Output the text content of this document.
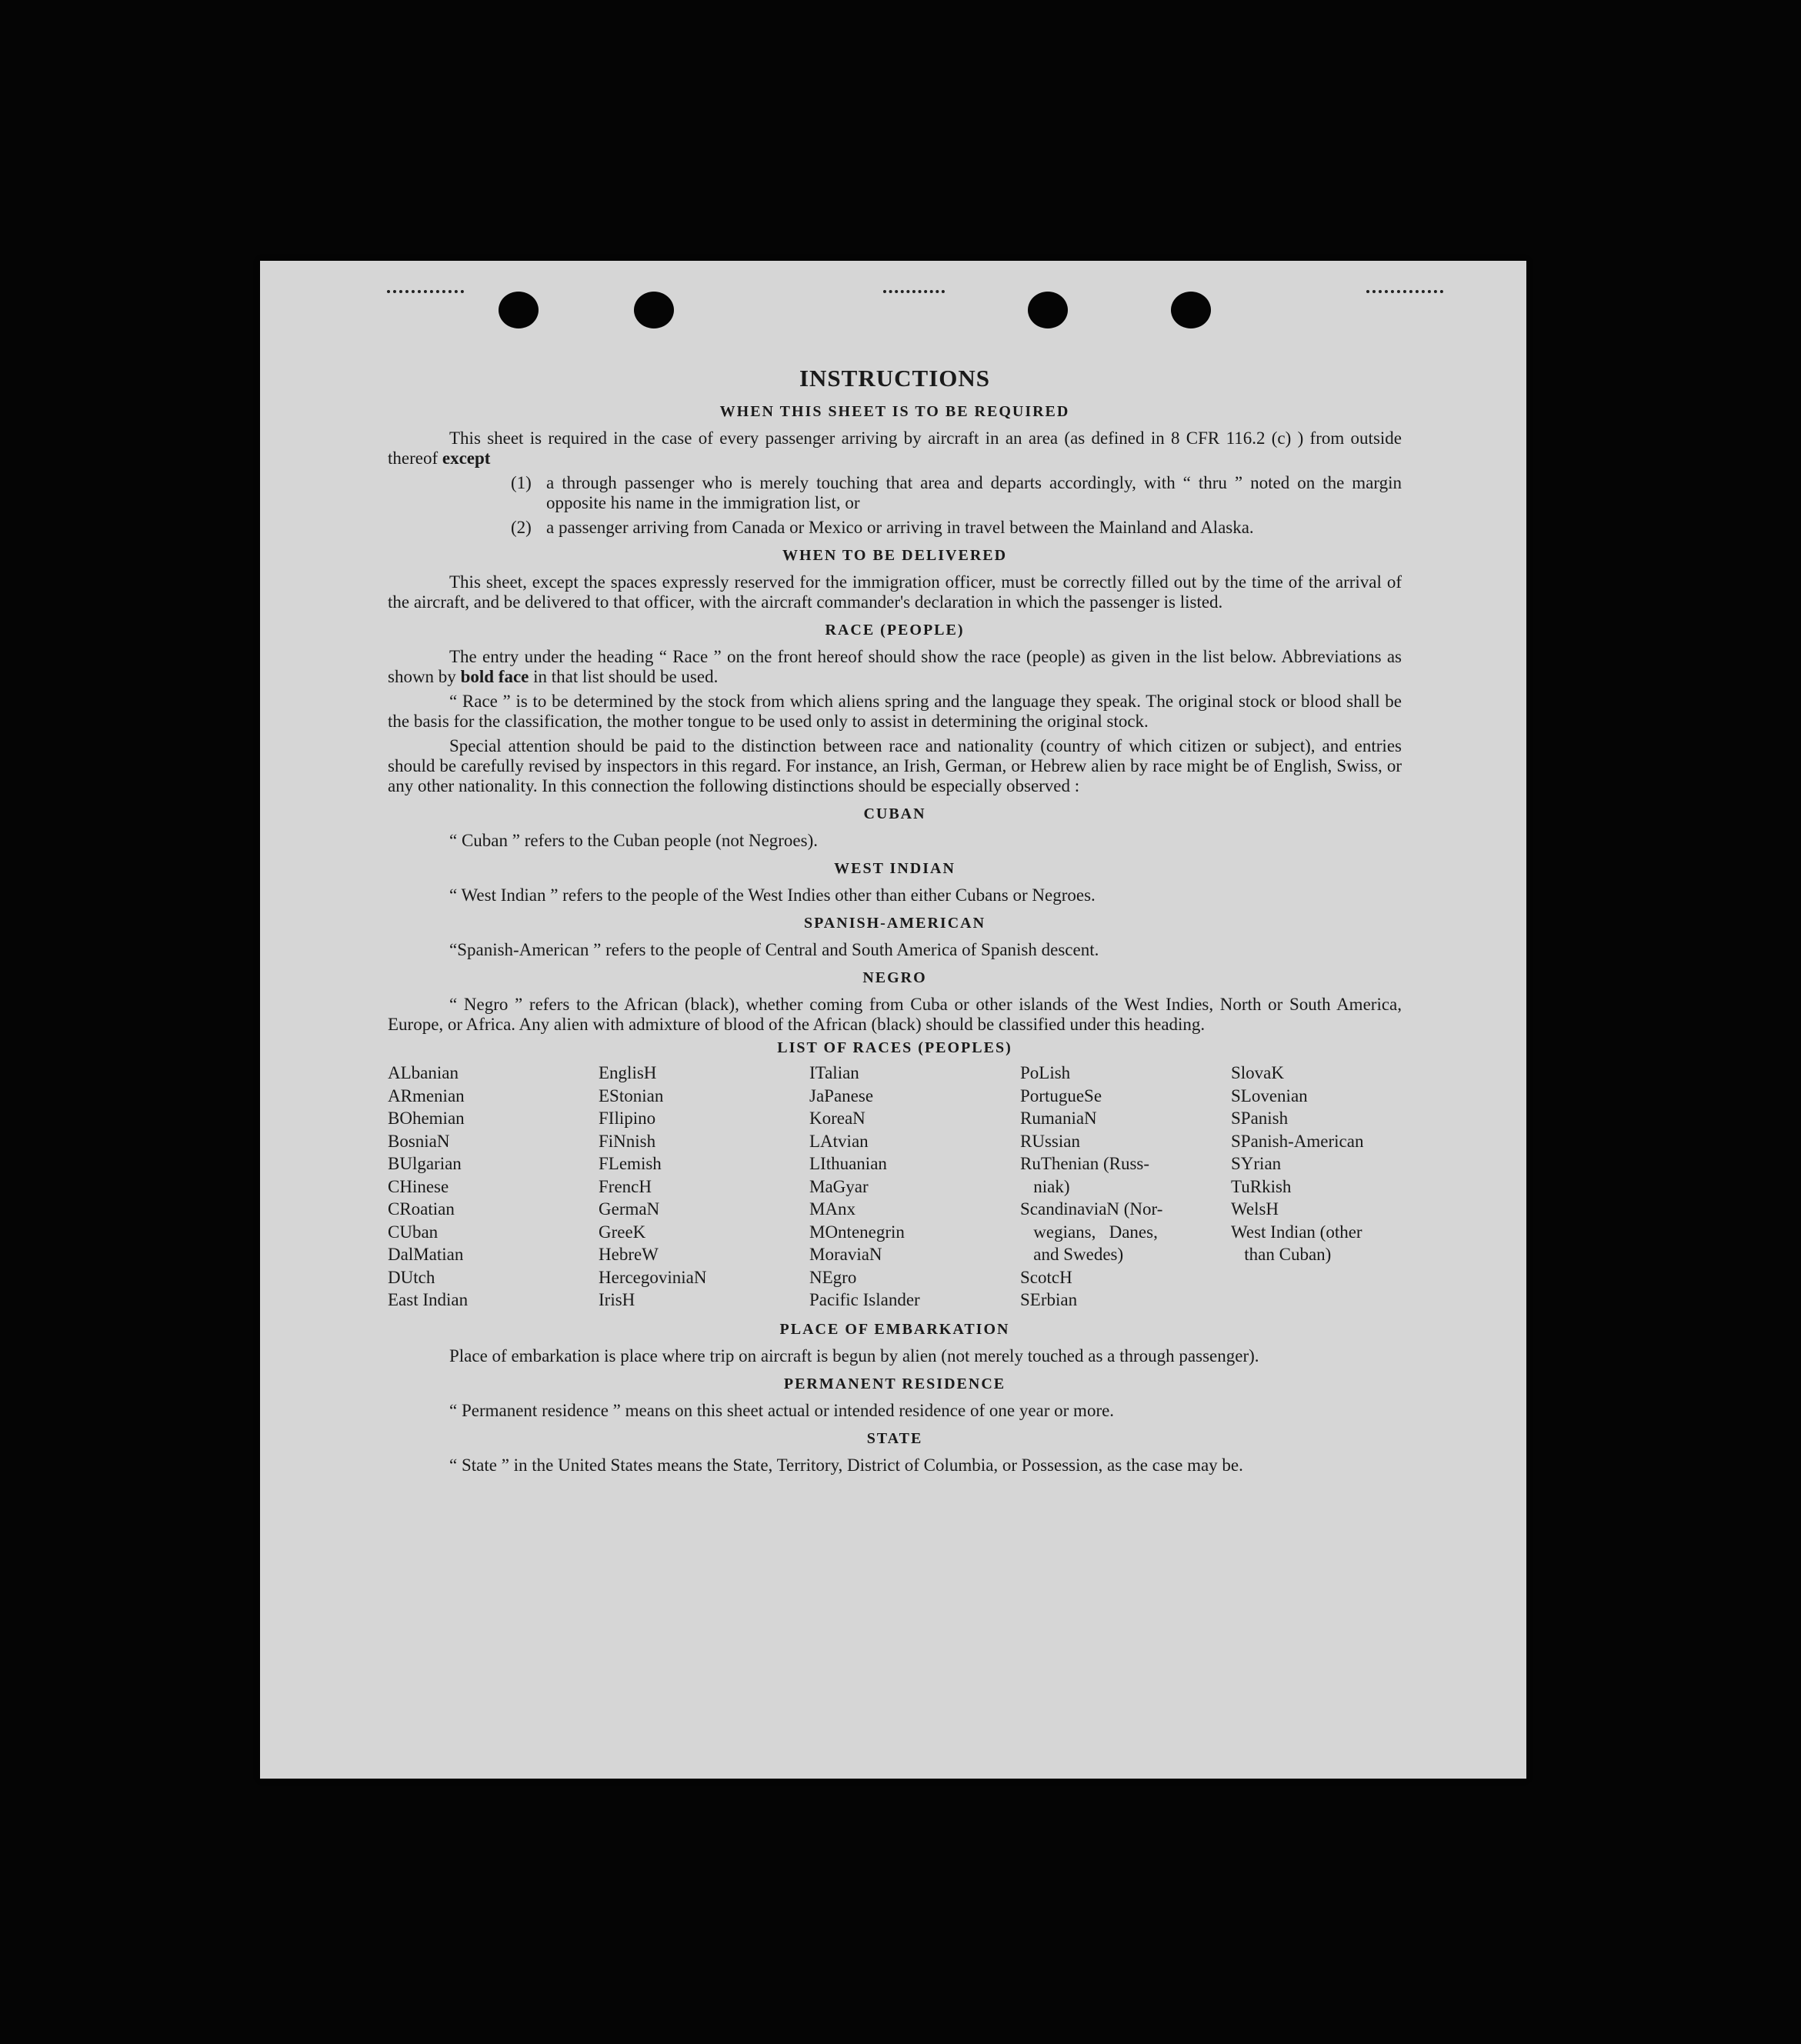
INSTRUCTIONS
WHEN THIS SHEET IS TO BE REQUIRED

This sheet is required in the case of every passenger arriving by aircraft in an area (as defined in 8 CFR 116.2 (c) ) from outside thereof except

(1) a through passenger who is merely touching that area and departs accordingly, with “ thru ” noted on the margin opposite his name in the immigration list, or
(2) a passenger arriving from Canada or Mexico or arriving in travel between the Mainland and Alaska.
WHEN TO BE DELIVERED

This sheet, except the spaces expressly reserved for the immigration officer, must be correctly filled out by the time of the arrival of the aircraft, and be delivered to that officer, with the aircraft commander's declaration in which the passenger is listed.

RACE (PEOPLE)

The entry under the heading “ Race ” on the front hereof should show the race (people) as given in the list below. Abbreviations as shown by bold face in that list should be used.

“ Race ” is to be determined by the stock from which aliens spring and the language they speak. The original stock or blood shall be the basis for the classification, the mother tongue to be used only to assist in determining the original stock.

Special attention should be paid to the distinction between race and nationality (country of which citizen or subject), and entries should be carefully revised by inspectors in this regard. For instance, an Irish, German, or Hebrew alien by race might be of English, Swiss, or any other nationality. In this connection the following distinctions should be especially observed :

CUBAN

“ Cuban ” refers to the Cuban people (not Negroes).

WEST INDIAN

“ West Indian ” refers to the people of the West Indies other than either Cubans or Negroes.

SPANISH-AMERICAN

“Spanish-American ” refers to the people of Central and South America of Spanish descent.

NEGRO

“ Negro ” refers to the African (black), whether coming from Cuba or other islands of the West Indies, North or South America, Europe, or Africa. Any alien with admixture of blood of the African (black) should be classified under this heading.

LIST OF RACES (PEOPLES)
ALbanian
ARmenian
BOhemian
BosniaN
BUlgarian
CHinese
CRoatian
CUban
DalMatian
DUtch
East Indian
EnglisH
EStonian
FIlipino
FiNnish
FLemish
FrencH
GermaN
GreeK
HebreW
HercegoviniaN
IrisH
ITalian
JaPanese
KoreaN
LAtvian
LIthuanian
MaGyar
MAnx
MOntenegrin
MoraviaN
NEgro
Pacific Islander
PoLish
PortugueSe
RumaniaN
RUssian
RuThenian (Russ-
niak)
ScandinaviaN (Nor-
wegians,   Danes,
and Swedes)
ScotcH
SErbian
SlovaK
SLovenian
SPanish
SPanish-American
SYrian
TuRkish
WelsH
West Indian (other
than Cuban)
PLACE OF EMBARKATION

Place of embarkation is place where trip on aircraft is begun by alien (not merely touched as a through passenger).

PERMANENT RESIDENCE

“ Permanent residence ” means on this sheet actual or intended residence of one year or more.

STATE

“ State ” in the United States means the State, Territory, District of Columbia, or Possession, as the case may be.
